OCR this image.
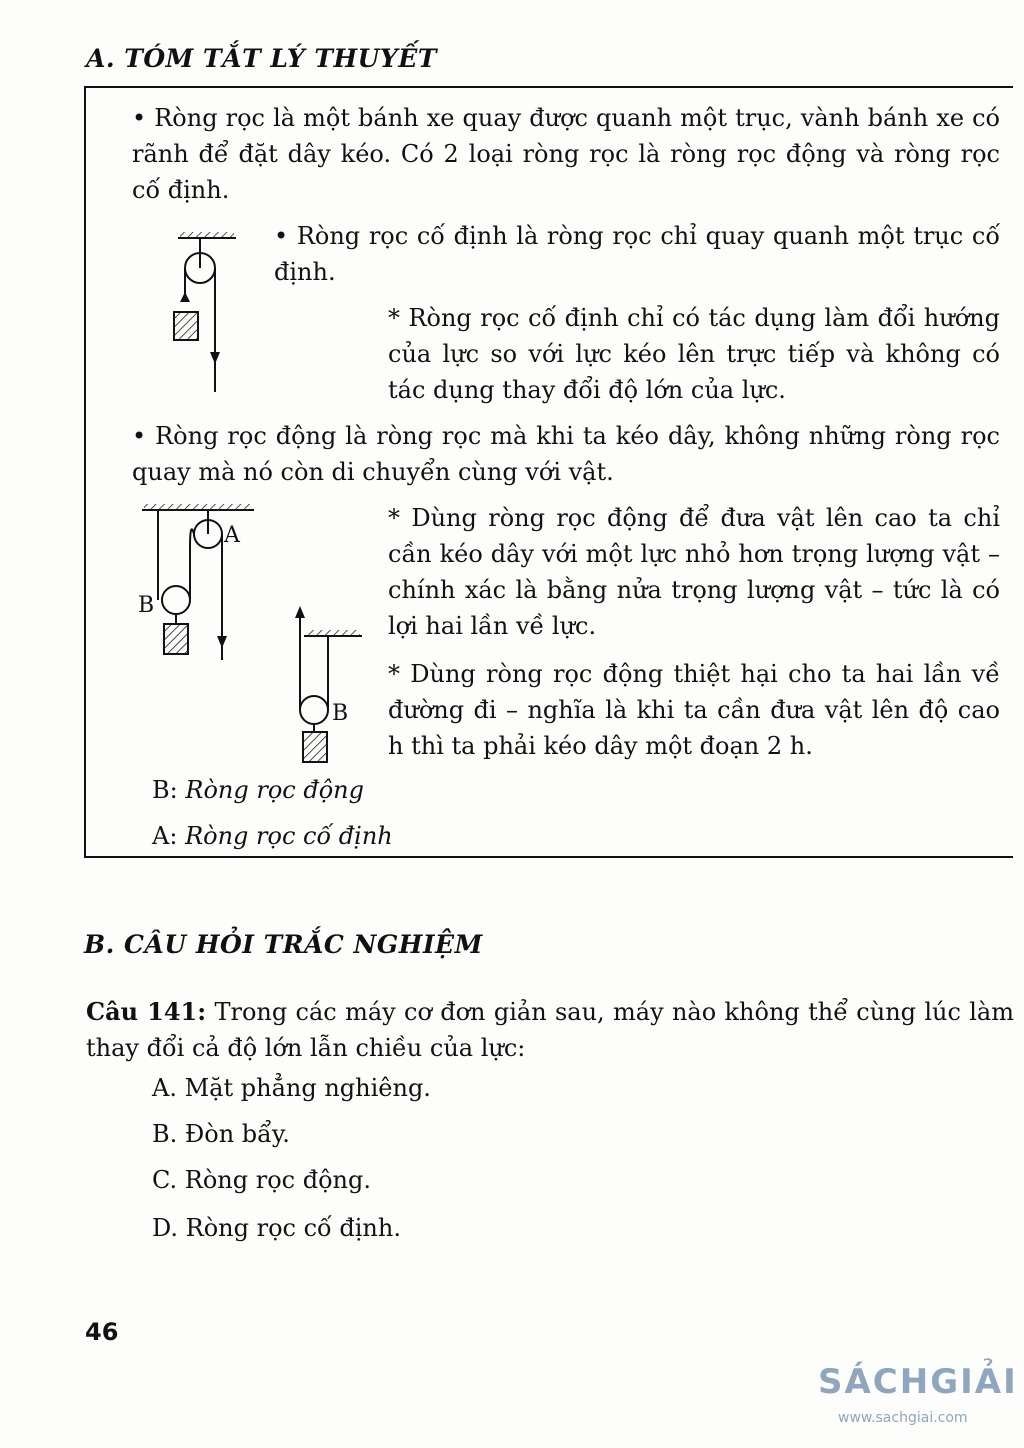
A. TÓM TẮT LÝ THUYẾT
• Ròng rọc là một bánh xe quay được quanh một trục, vành bánh xe có rãnh để đặt dây kéo. Có 2 loại ròng rọc là ròng rọc động và ròng rọc cố định.
• Ròng rọc cố định là ròng rọc chỉ quay quanh một trục cố định.
* Ròng rọc cố định chỉ có tác dụng làm đổi hướng của lực so với lực kéo lên trực tiếp và không có tác dụng thay đổi độ lớn của lực.
• Ròng rọc động là ròng rọc mà khi ta kéo dây, không những ròng rọc quay mà nó còn di chuyển cùng với vật.
A
B
B
* Dùng ròng rọc động để đưa vật lên cao ta chỉ cần kéo dây với một lực nhỏ hơn trọng lượng vật – chính xác là bằng nửa trọng lượng vật – tức là có lợi hai lần về lực.
* Dùng ròng rọc động thiệt hại cho ta hai lần về đường đi – nghĩa là khi ta cần đưa vật lên độ cao h thì ta phải kéo dây một đoạn 2 h.
B: Ròng rọc động
A: Ròng rọc cố định
B. CÂU HỎI TRẮC NGHIỆM
Câu 141: Trong các máy cơ đơn giản sau, máy nào không thể cùng lúc làm thay đổi cả độ lớn lẫn chiều của lực:
A. Mặt phẳng nghiêng.
B. Đòn bẩy.
C. Ròng rọc động.
D. Ròng rọc cố định.
46
SÁCHGIẢI
www.sachgiai.com
